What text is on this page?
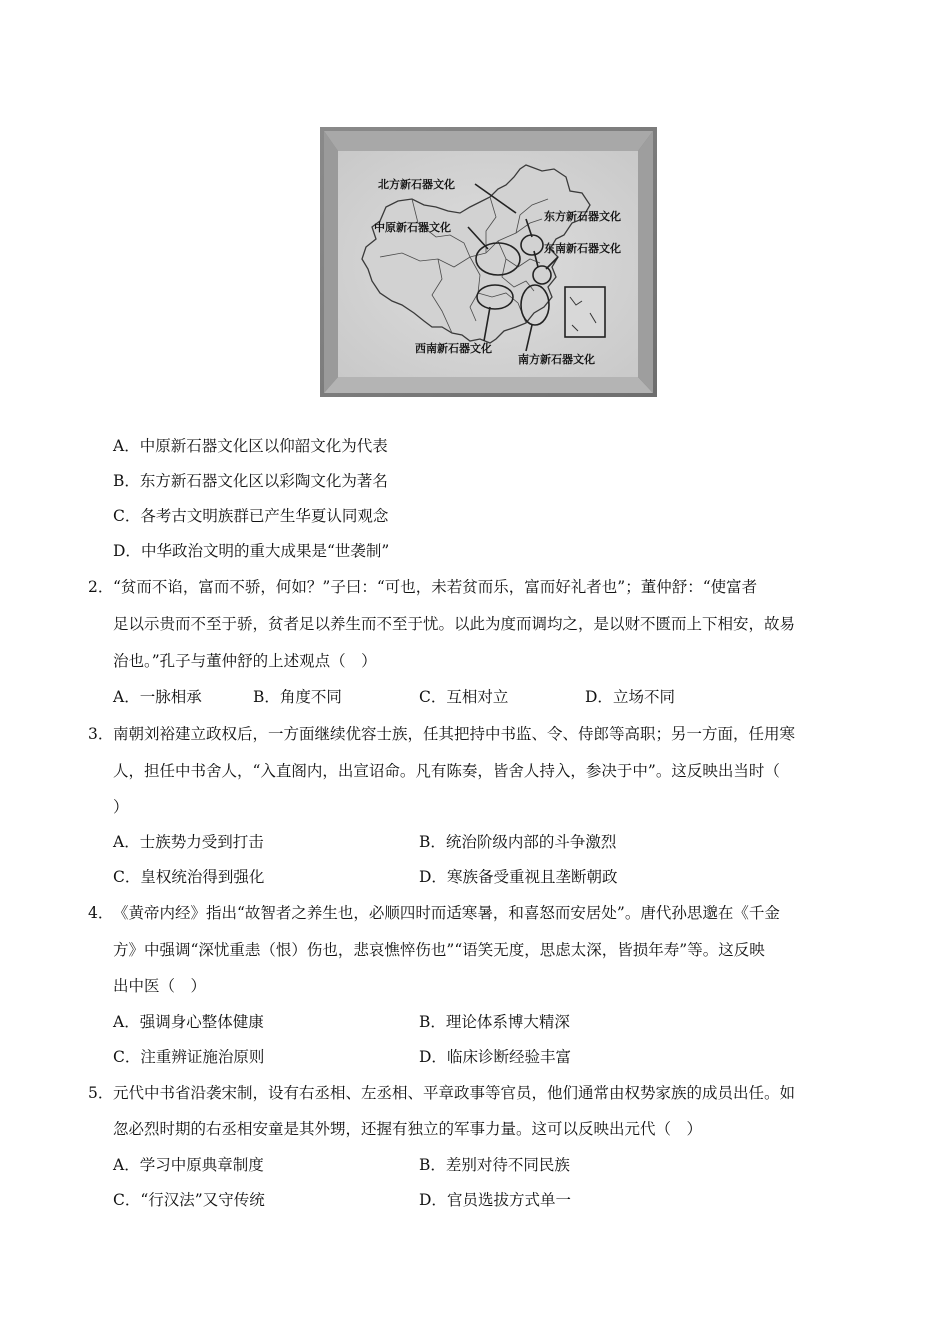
北方新石器文化
中原新石器文化
东方新石器文化
东南新石器文化
西南新石器文化
南方新石器文化
A．中原新石器文化区以仰韶文化为代表
B．东方新石器文化区以彩陶文化为著名
C．各考古文明族群已产生华夏认同观念
D．中华政治文明的重大成果是“世袭制”
2． “贫而不谄，富而不骄，何如？”子曰：“可也，未若贫而乐，富而好礼者也”；董仲舒：“使富者
足以示贵而不至于骄，贫者足以养生而不至于忧。以此为度而调均之，是以财不匮而上下相安，故易
治也。”孔子与董仲舒的上述观点（　）
A．一脉相承	B．角度不同	C．互相对立	D．立场不同
3． 南朝刘裕建立政权后，一方面继续优容士族，任其把持中书监、令、侍郎等高职；另一方面，任用寒
人，担任中书舍人，“入直阁内，出宣诏命。凡有陈奏，皆舍人持入，参决于中”。这反映出当时（
）
A．士族势力受到打击	B．统治阶级内部的斗争激烈
C．皇权统治得到强化	D．寒族备受重视且垄断朝政
4． 《黄帝内经》指出“故智者之养生也，必顺四时而适寒暑，和喜怒而安居处”。唐代孙思邈在《千金
方》中强调“深忧重恚（恨）伤也，悲哀憔悴伤也”“语笑无度，思虑太深，皆损年寿”等。这反映
出中医（　）
A．强调身心整体健康	B．理论体系博大精深
C．注重辨证施治原则	D．临床诊断经验丰富
5． 元代中书省沿袭宋制，设有右丞相、左丞相、平章政事等官员，他们通常由权势家族的成员出任。如
忽必烈时期的右丞相安童是其外甥，还握有独立的军事力量。这可以反映出元代（　）
A．学习中原典章制度	B．差别对待不同民族
C．“行汉法”又守传统	D．官员选拔方式单一
